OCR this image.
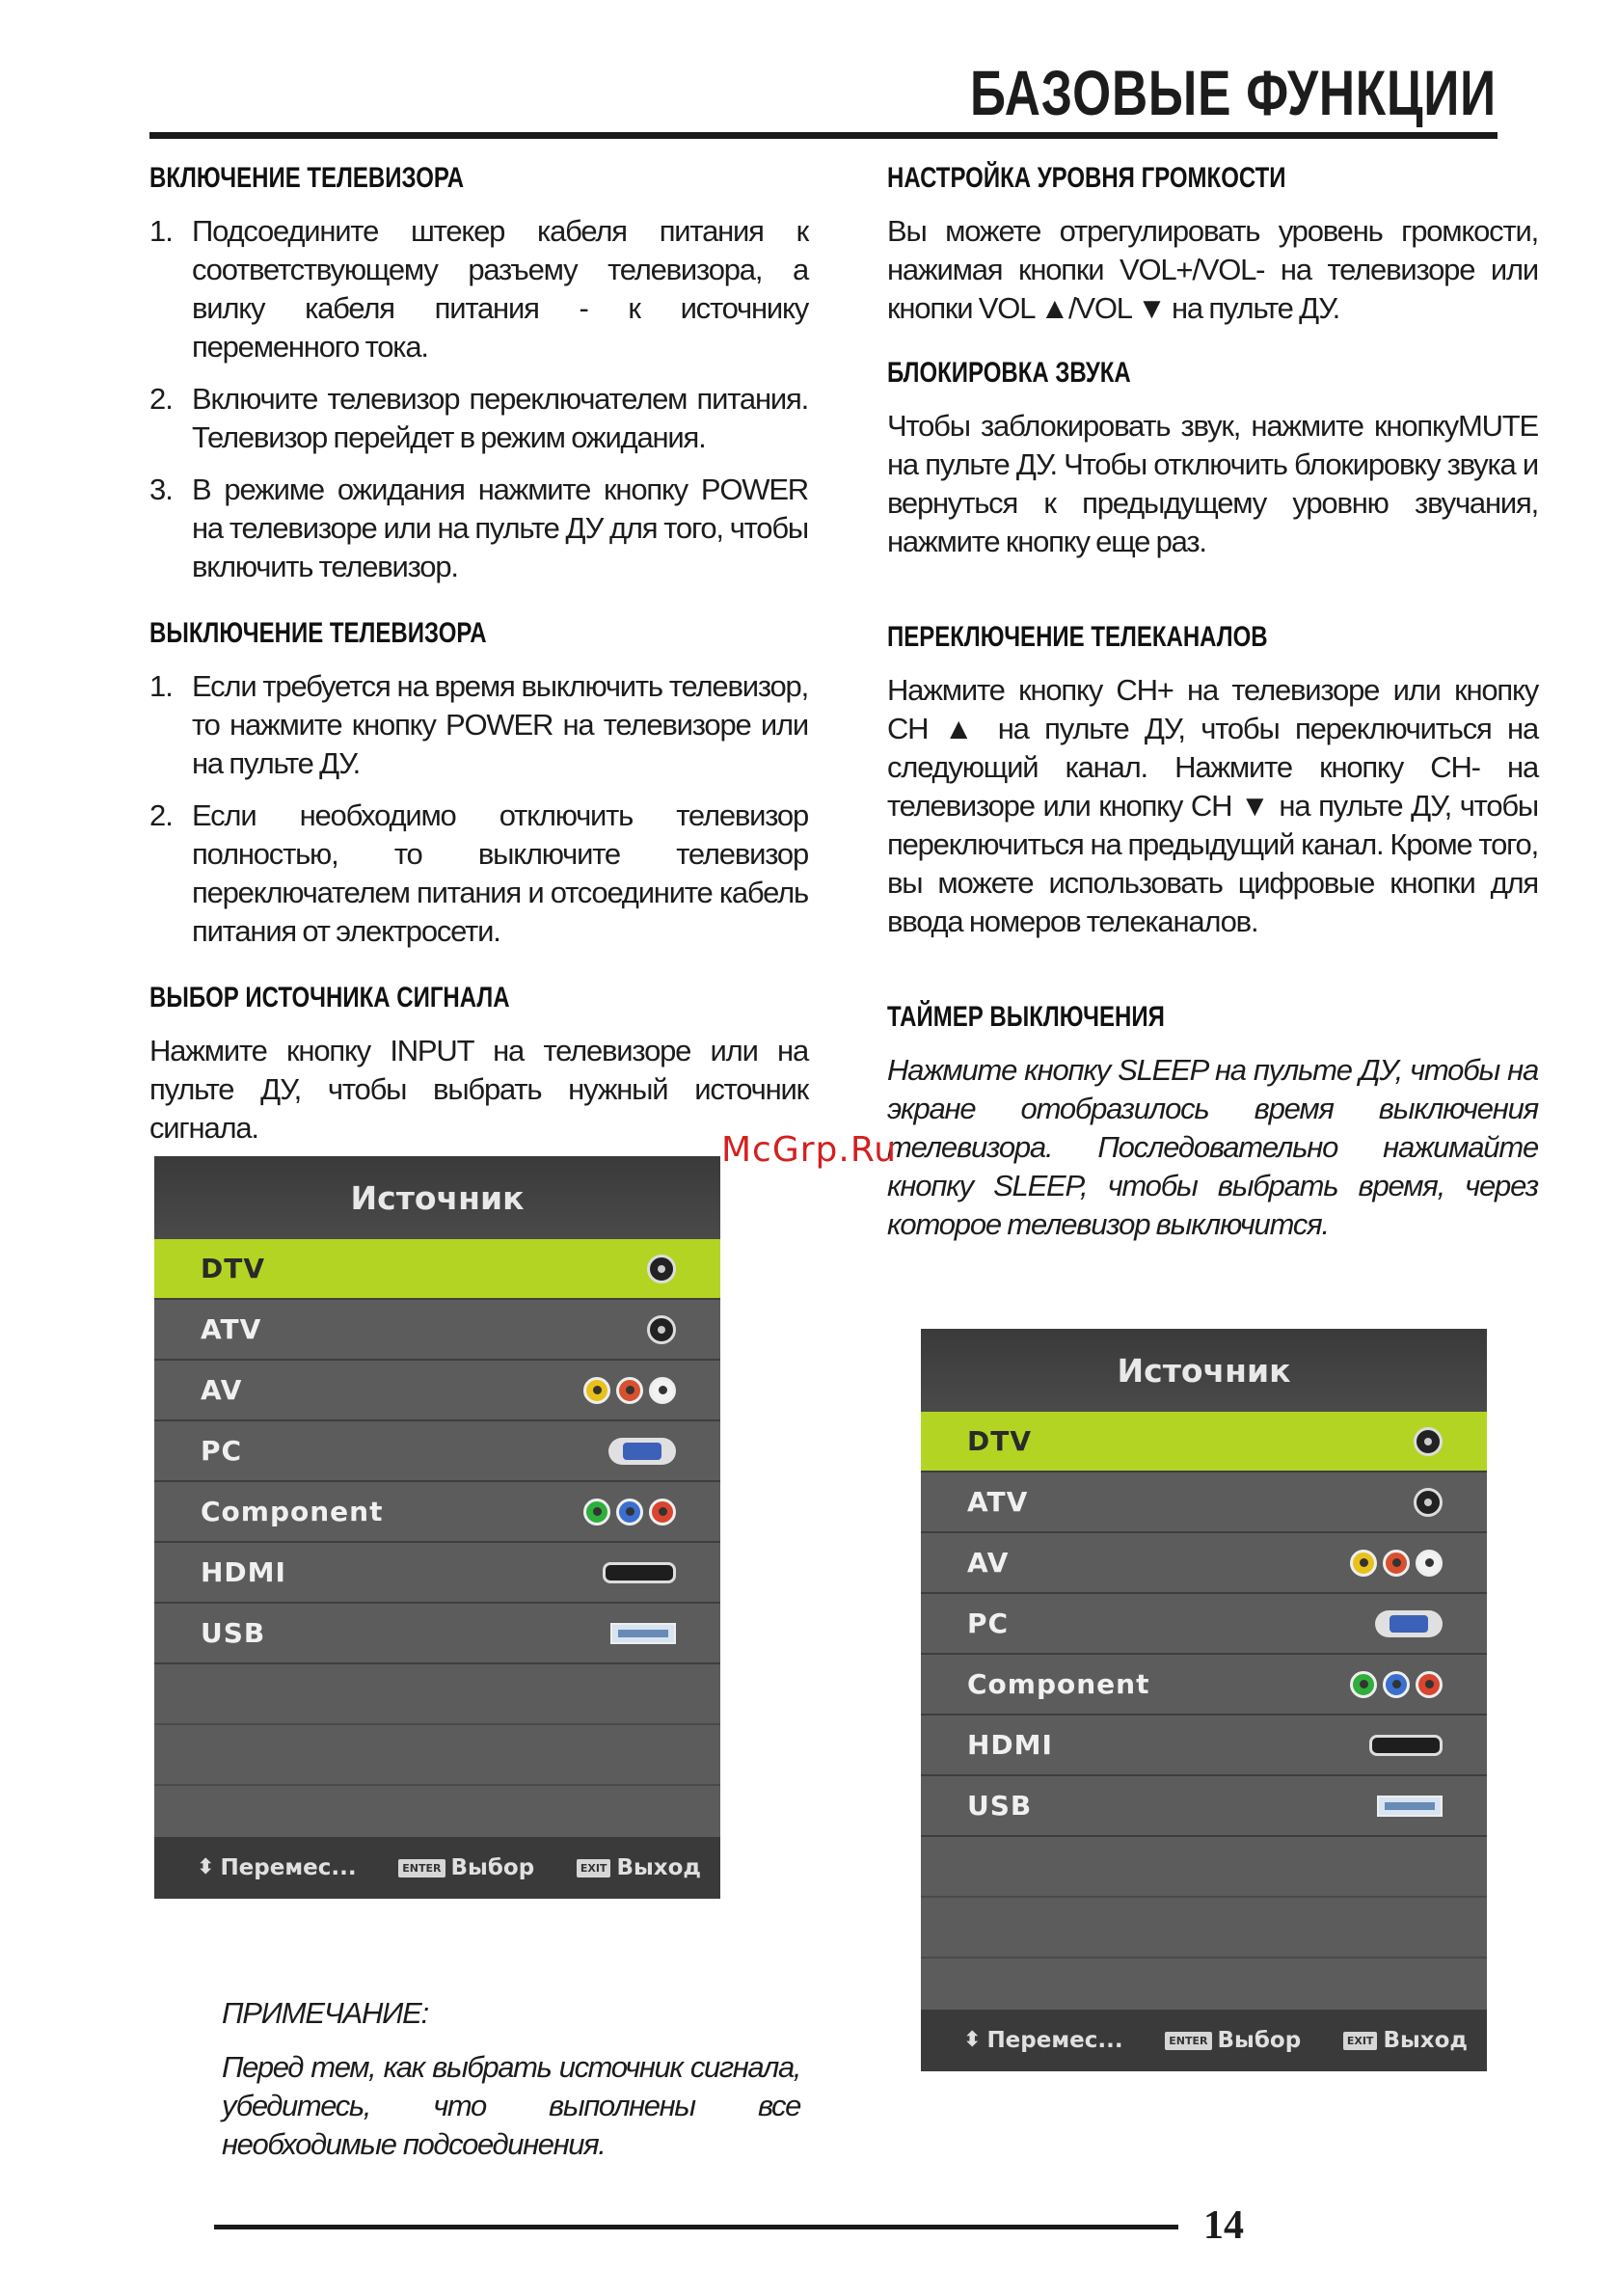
БАЗОВЫЕ ФУНКЦИИ
ВКЛЮЧЕНИЕ ТЕЛЕВИЗОРА
1. Подсоедините штекер кабеля питания к соответствующему разъему телевизора, а вилку кабеля питания - к источнику переменного тока.

2. Включите телевизор переключателем питания. Телевизор перейдет в режим ожидания.

3. В режиме ожидания нажмите кнопку POWER на телевизоре или на пульте ДУ для того, чтобы включить телевизор.

ВЫКЛЮЧЕНИЕ ТЕЛЕВИЗОРА
1. Если требуется на время выключить телевизор, то нажмите кнопку POWER на телевизоре или на пульте ДУ.

2. Если необходимо отключить телевизор полностью, то выключите телевизор переключателем питания и отсоедините кабель питания от электросети.

ВЫБОР ИСТОЧНИКА СИГНАЛА

Нажмите кнопку INPUT на телевизоре или на пульте ДУ, чтобы выбрать нужный источник сигнала.

НАСТРОЙКА УРОВНЯ ГРОМКОСТИ

Вы можете отрегулировать уровень громкости, нажимая кнопки VOL+/VOL- на телевизоре или кнопки VOL ▲/VOL ▼ на пульте ДУ.

БЛОКИРОВКА ЗВУКА

Чтобы заблокировать звук, нажмите кнопкуMUTE на пульте ДУ. Чтобы отключить блокировку звука и вернуться к предыдущему уровню звучания, нажмите кнопку еще раз.

ПЕРЕКЛЮЧЕНИЕ ТЕЛЕКАНАЛОВ

Нажмите кнопку CH+ на телевизоре или кнопку CH ▲ на пульте ДУ, чтобы переключиться на следующий канал. Нажмите кнопку CH- на телевизоре или кнопку CH ▼ на пульте ДУ, чтобы переключиться на предыдущий канал. Кроме того, вы можете использовать цифровые кнопки для ввода номеров телеканалов.

ТАЙМЕР ВЫКЛЮЧЕНИЯ

Нажмите кнопку SLEEP на пульте ДУ, чтобы на экране отобразилось время выключения телевизора. Последовательно нажимайте кнопку SLEEP, чтобы выбрать время, через которое телевизор выключится.

Источник
DTV
ATV
AV
PC
Component
HDMI
USB
⬍ Перемес...	ENTER Выбор	EXIT Выход
Источник
DTV
ATV
AV
PC
Component
HDMI
USB
⬍ Перемес...	ENTER Выбор	EXIT Выход
McGrp.Ru
ПРИМЕЧАНИЕ:
Перед тем, как выбрать источник сигнала, убедитесь, что выполнены все необходимые подсоединения.
14
